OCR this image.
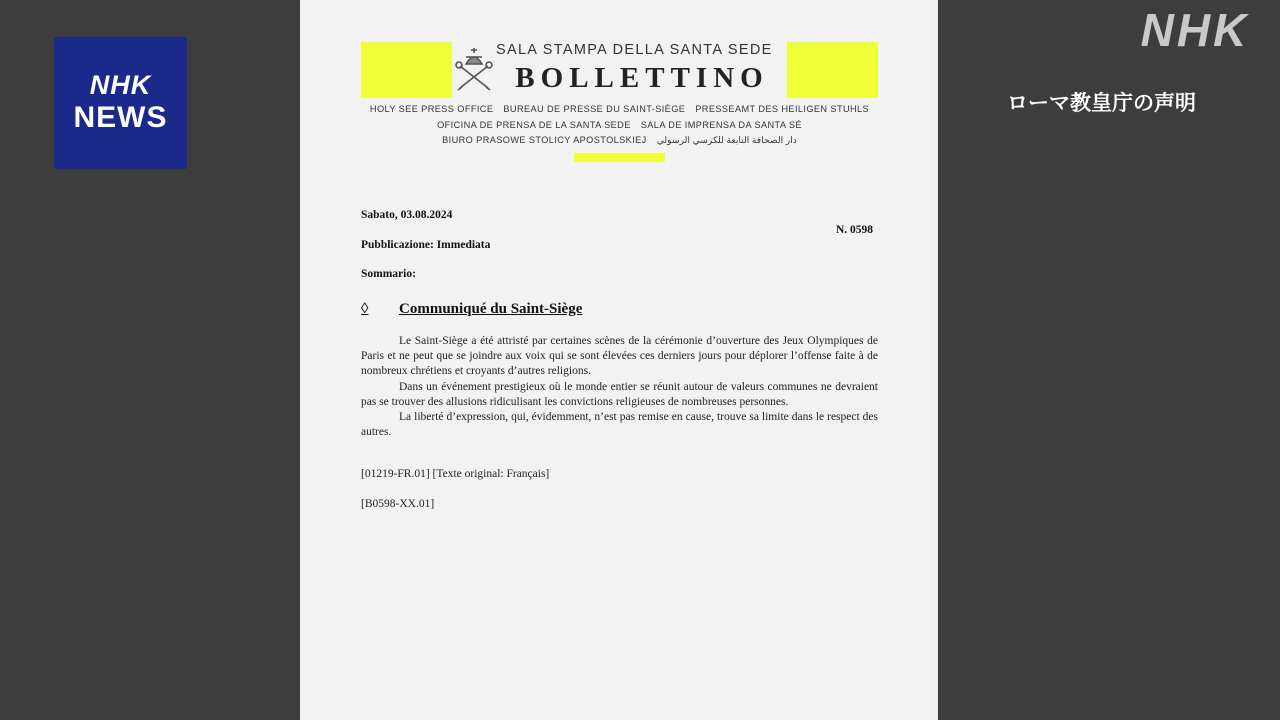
NHK
NEWS
NHK
ローマ教皇庁の声明
SALA STAMPA DELLA SANTA SEDE
BOLLETTINO
HOLY SEE PRESS OFFICE BUREAU DE PRESSE DU SAINT-SIÈGE PRESSEAMT DES HEILIGEN STUHLS
OFICINA DE PRENSA DE LA SANTA SEDE SALA DE IMPRENSA DA SANTA SÉ
BIURO PRASOWE STOLICY APOSTOLSKIEJ دار الصحافة التابعة للكرسي الرسولي
Sabato, 03.08.2024
N. 0598
Pubblicazione: Immediata
Sommario:
◊ Communiqué du Saint-Siège

Le Saint-Siège a été attristé par certaines scènes de la cérémonie d’ouverture des Jeux Olympiques de Paris et ne peut que se joindre aux voix qui se sont élevées ces derniers jours pour déplorer l’offense faite à de nombreux chrétiens et croyants d’autres religions.

Dans un événement prestigieux où le monde entier se réunit autour de valeurs communes ne devraient pas se trouver des allusions ridiculisant les convictions religieuses de nombreuses personnes.

La liberté d’expression, qui, évidemment, n’est pas remise en cause, trouve sa limite dans le respect des autres.

[01219-FR.01] [Texte original: Français]
[B0598-XX.01]
